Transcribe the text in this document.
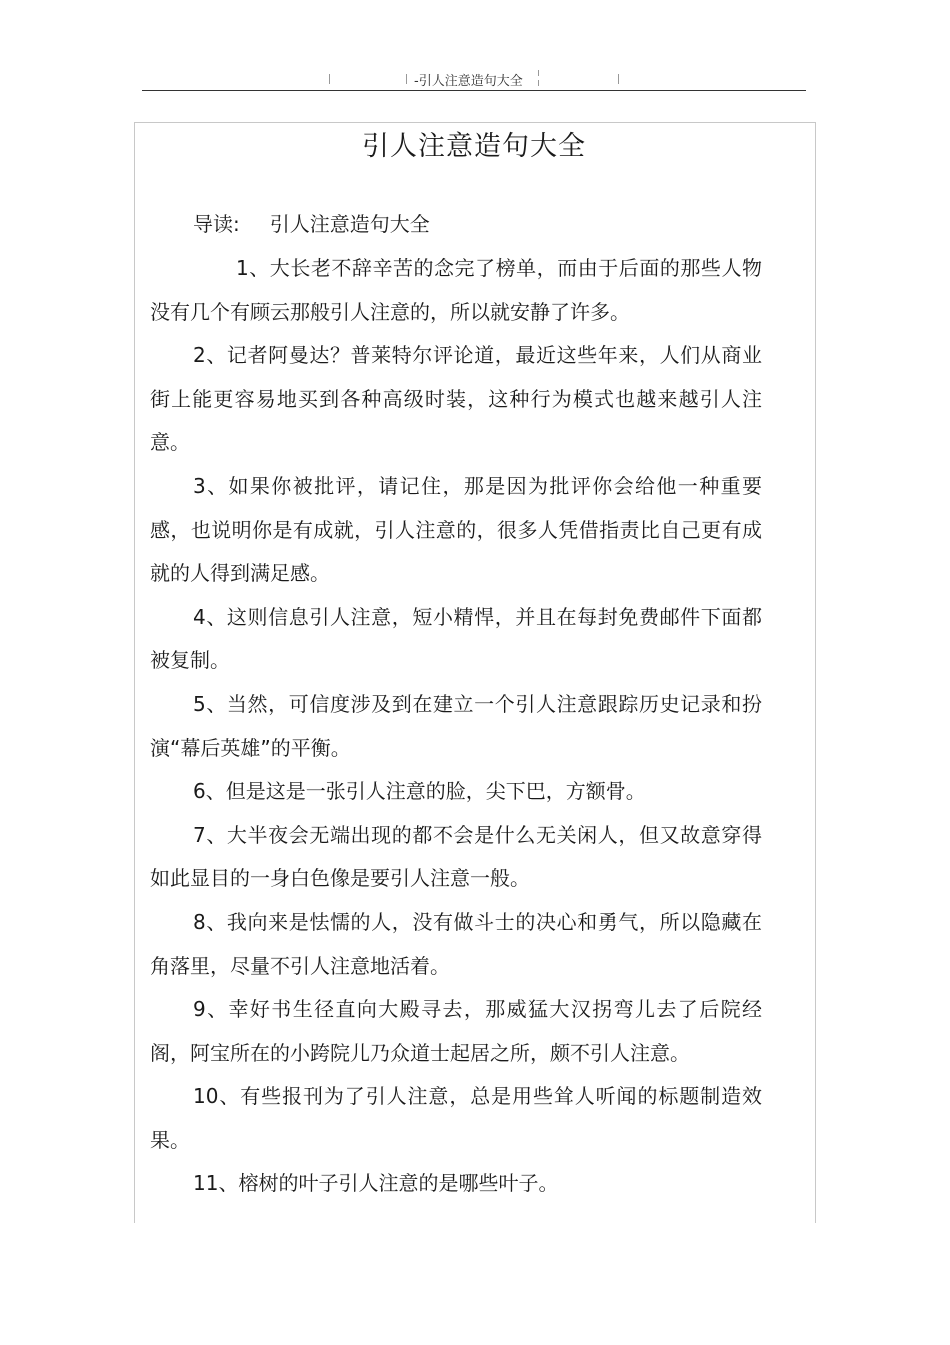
-引人注意造句大全
引人注意造句大全
导读: 引人注意造句大全

1、大长老不辞辛苦的念完了榜单，而由于后面的那些人物没有几个有顾云那般引人注意的，所以就安静了许多。

2、记者阿曼达？普莱特尔评论道，最近这些年来，人们从商业街上能更容易地买到各种高级时装，这种行为模式也越来越引人注意。

3、如果你被批评，请记住，那是因为批评你会给他一种重要感，也说明你是有成就，引人注意的，很多人凭借指责比自己更有成就的人得到满足感。

4、这则信息引人注意，短小精悍，并且在每封免费邮件下面都被复制。

5、当然，可信度涉及到在建立一个引人注意跟踪历史记录和扮演“幕后英雄”的平衡。

6、但是这是一张引人注意的脸，尖下巴，方额骨。

7、大半夜会无端出现的都不会是什么无关闲人，但又故意穿得如此显目的一身白色像是要引人注意一般。

8、我向来是怯懦的人，没有做斗士的决心和勇气，所以隐藏在角落里，尽量不引人注意地活着。

9、幸好书生径直向大殿寻去，那威猛大汉拐弯儿去了后院经阁，阿宝所在的小跨院儿乃众道士起居之所，颇不引人注意。

10、有些报刊为了引人注意，总是用些耸人听闻的标题制造效果。

11、榕树的叶子引人注意的是哪些叶子。
